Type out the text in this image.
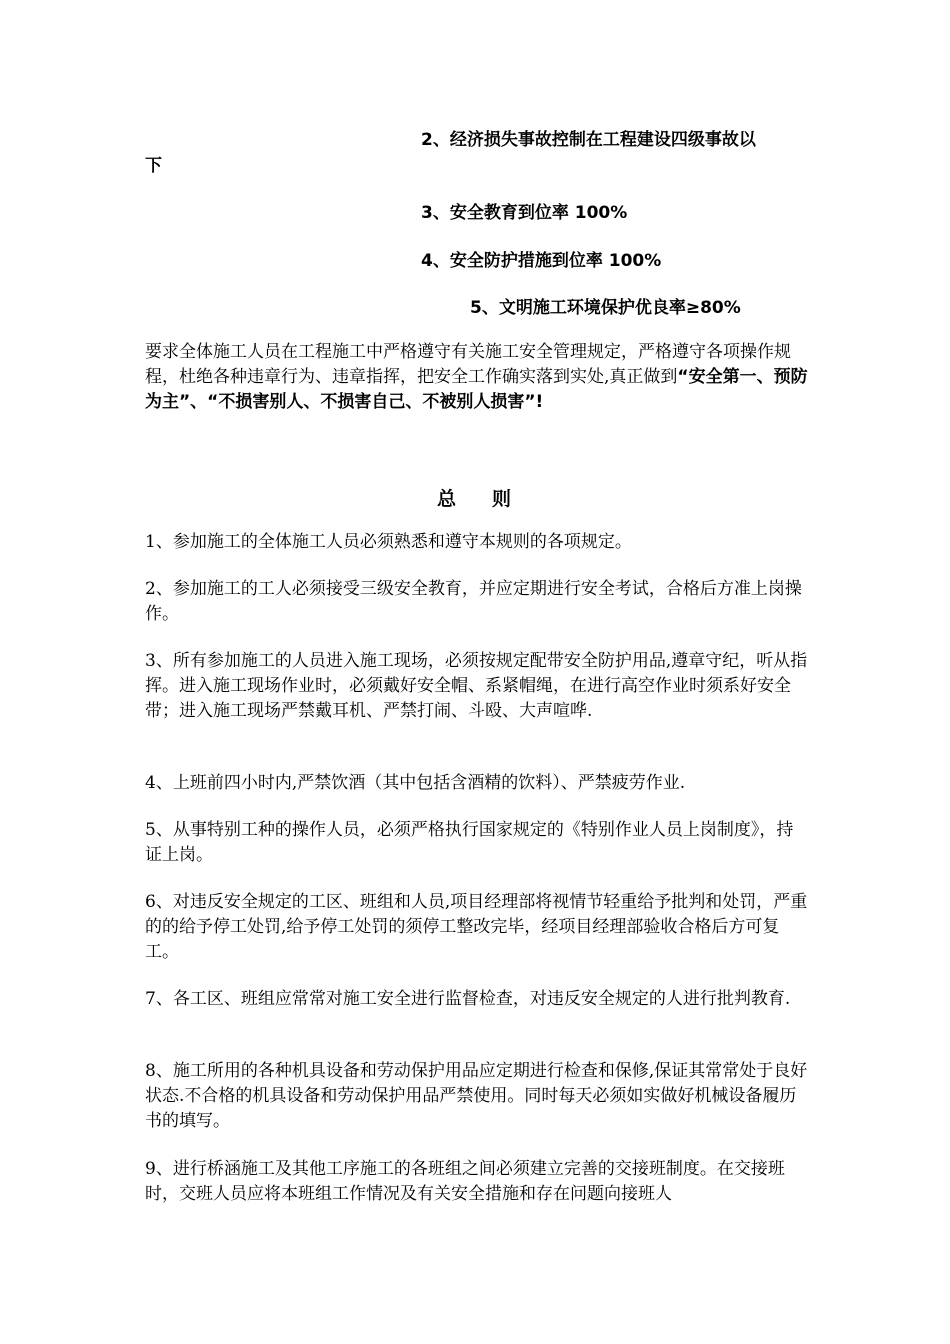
2、经济损失事故控制在工程建设四级事故以
下
3、安全教育到位率 100%
4、安全防护措施到位率 100%
5、文明施工环境保护优良率≥80%
要求全体施工人员在工程施工中严格遵守有关施工安全管理规定，严格遵守各项操作规程，杜绝各种违章行为、违章指挥，把安全工作确实落到实处,真正做到“安全第一、预防为主”、“不损害别人、不损害自己、不被别人损害”!
总 则
1、参加施工的全体施工人员必须熟悉和遵守本规则的各项规定。
2、参加施工的工人必须接受三级安全教育，并应定期进行安全考试，合格后方准上岗操作。
3、所有参加施工的人员进入施工现场，必须按规定配带安全防护用品,遵章守纪，听从指挥。进入施工现场作业时，必须戴好安全帽、系紧帽绳，在进行高空作业时须系好安全带；进入施工现场严禁戴耳机、严禁打闹、斗殴、大声喧哗.
4、上班前四小时内,严禁饮酒（其中包括含酒精的饮料）、严禁疲劳作业.
5、从事特别工种的操作人员，必须严格执行国家规定的《特别作业人员上岗制度》，持证上岗。
6、对违反安全规定的工区、班组和人员,项目经理部将视情节轻重给予批判和处罚，严重的的给予停工处罚,给予停工处罚的须停工整改完毕，经项目经理部验收合格后方可复工。
7、各工区、班组应常常对施工安全进行监督检查，对违反安全规定的人进行批判教育.
8、施工所用的各种机具设备和劳动保护用品应定期进行检查和保修,保证其常常处于良好状态.不合格的机具设备和劳动保护用品严禁使用。同时每天必须如实做好机械设备履历书的填写。
9、进行桥涵施工及其他工序施工的各班组之间必须建立完善的交接班制度。在交接班时，交班人员应将本班组工作情况及有关安全措施和存在问题向接班人
